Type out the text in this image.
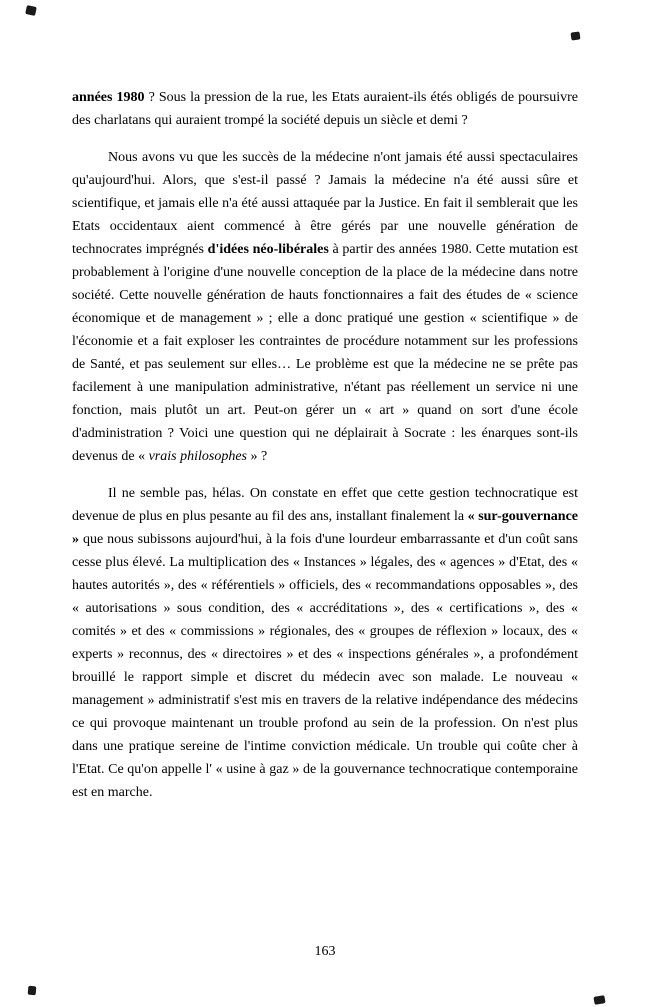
années 1980 ? Sous la pression de la rue, les Etats auraient-ils étés obligés de poursuivre des charlatans qui auraient trompé la société depuis un siècle et demi ?

Nous avons vu que les succès de la médecine n'ont jamais été aussi spectaculaires qu'aujourd'hui. Alors, que s'est-il passé ? Jamais la médecine n'a été aussi sûre et scientifique, et jamais elle n'a été aussi attaquée par la Justice. En fait il semblerait que les Etats occidentaux aient commencé à être gérés par une nouvelle génération de technocrates imprégnés d'idées néo-libérales à partir des années 1980. Cette mutation est probablement à l'origine d'une nouvelle conception de la place de la médecine dans notre société. Cette nouvelle génération de hauts fonctionnaires a fait des études de « science économique et de management » ; elle a donc pratiqué une gestion « scientifique » de l'économie et a fait exploser les contraintes de procédure notamment sur les professions de Santé, et pas seulement sur elles… Le problème est que la médecine ne se prête pas facilement à une manipulation administrative, n'étant pas réellement un service ni une fonction, mais plutôt un art. Peut-on gérer un « art » quand on sort d'une école d'administration ? Voici une question qui ne déplairait à Socrate : les énarques sont-ils devenus de « vrais philosophes » ?

Il ne semble pas, hélas. On constate en effet que cette gestion technocratique est devenue de plus en plus pesante au fil des ans, installant finalement la « sur-gouvernance » que nous subissons aujourd'hui, à la fois d'une lourdeur embarrassante et d'un coût sans cesse plus élevé. La multiplication des « Instances » légales, des « agences » d'Etat, des « hautes autorités », des « référentiels » officiels, des « recommandations opposables », des « autorisations » sous condition, des « accréditations », des « certifications », des « comités » et des « commissions » régionales, des « groupes de réflexion » locaux, des « experts » reconnus, des « directoires » et des « inspections générales », a profondément brouillé le rapport simple et discret du médecin avec son malade. Le nouveau « management » administratif s'est mis en travers de la relative indépendance des médecins ce qui provoque maintenant un trouble profond au sein de la profession. On n'est plus dans une pratique sereine de l'intime conviction médicale. Un trouble qui coûte cher à l'Etat. Ce qu'on appelle l' « usine à gaz » de la gouvernance technocratique contemporaine est en marche.

163
